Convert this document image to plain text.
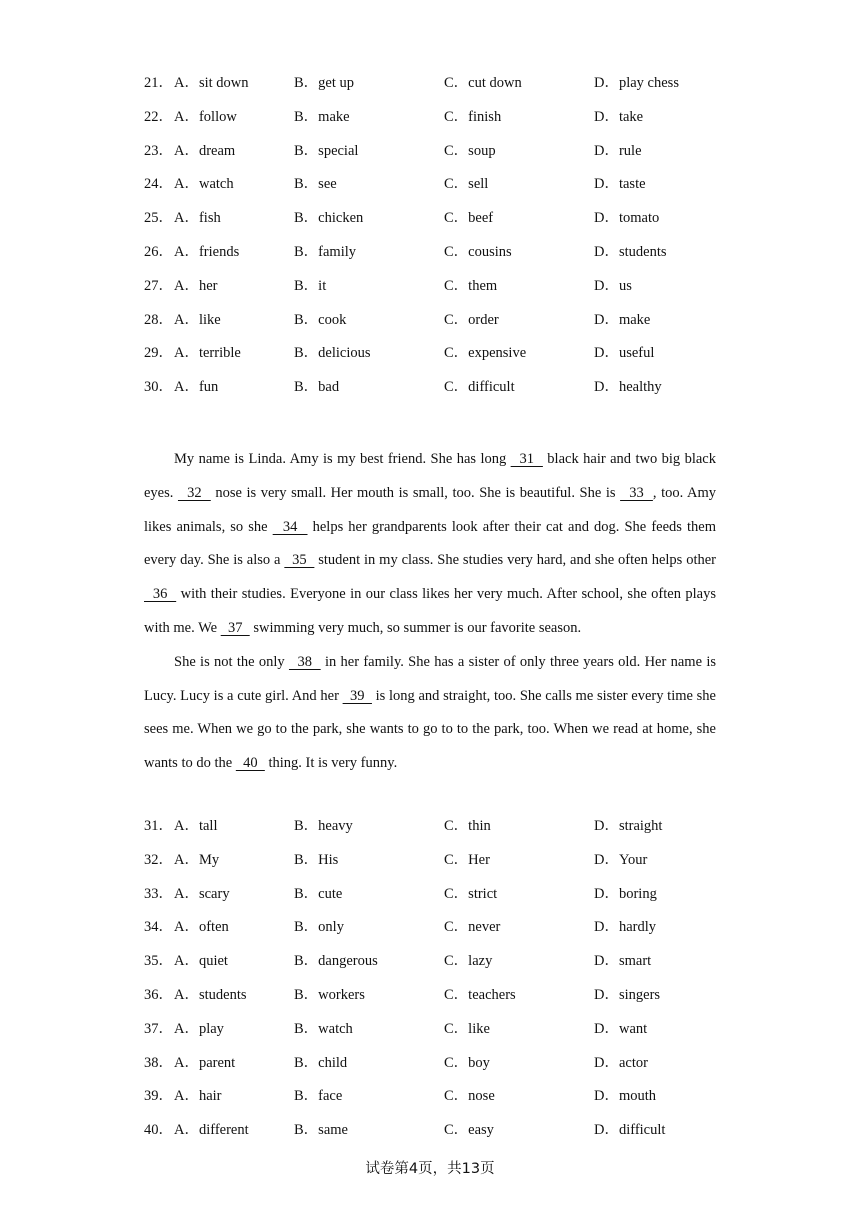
21． A．sit down	B．get up	C．cut down	D．play chess
22． A．follow	B．make	C．finish	D．take
23． A．dream	B．special	C．soup	D．rule
24． A．watch	B．see	C．sell	D．taste
25． A．fish	B．chicken	C．beef	D．tomato
26． A．friends	B．family	C．cousins	D．students
27． A．her	B．it	C．them	D．us
28． A．like	B．cook	C．order	D．make
29． A．terrible	B．delicious	C．expensive	D．useful
30． A．fun	B．bad	C．difficult	D．healthy

My name is Linda. Amy is my best friend. She has long   31   black hair and two big black eyes.   32   nose is very small. Her mouth is small, too. She is beautiful. She is   33  , too. Amy likes animals, so she   34   helps her grandparents look after their cat and dog. She feeds them every day. She is also a   35   student in my class. She studies very hard, and she often helps other   36   with their studies. Everyone in our class likes her very much. After school, she often plays with me. We   37   swimming very much, so summer is our favorite season.

She is not the only   38   in her family. She has a sister of only three years old. Her name is Lucy. Lucy is a cute girl. And her   39   is long and straight, too. She calls me sister every time she sees me. When we go to the park, she wants to go to to the park, too. When we read at home, she wants to do the   40   thing. It is very funny.

31． A．tall	B．heavy	C．thin	D．straight
32． A．My	B．His	C．Her	D．Your
33． A．scary	B．cute	C．strict	D．boring
34． A．often	B．only	C．never	D．hardly
35． A．quiet	B．dangerous	C．lazy	D．smart
36． A．students	B．workers	C．teachers	D．singers
37． A．play	B．watch	C．like	D．want
38． A．parent	B．child	C．boy	D．actor
39． A．hair	B．face	C．nose	D．mouth
40． A．different	B．same	C．easy	D．difficult
试卷第4页，共13页
